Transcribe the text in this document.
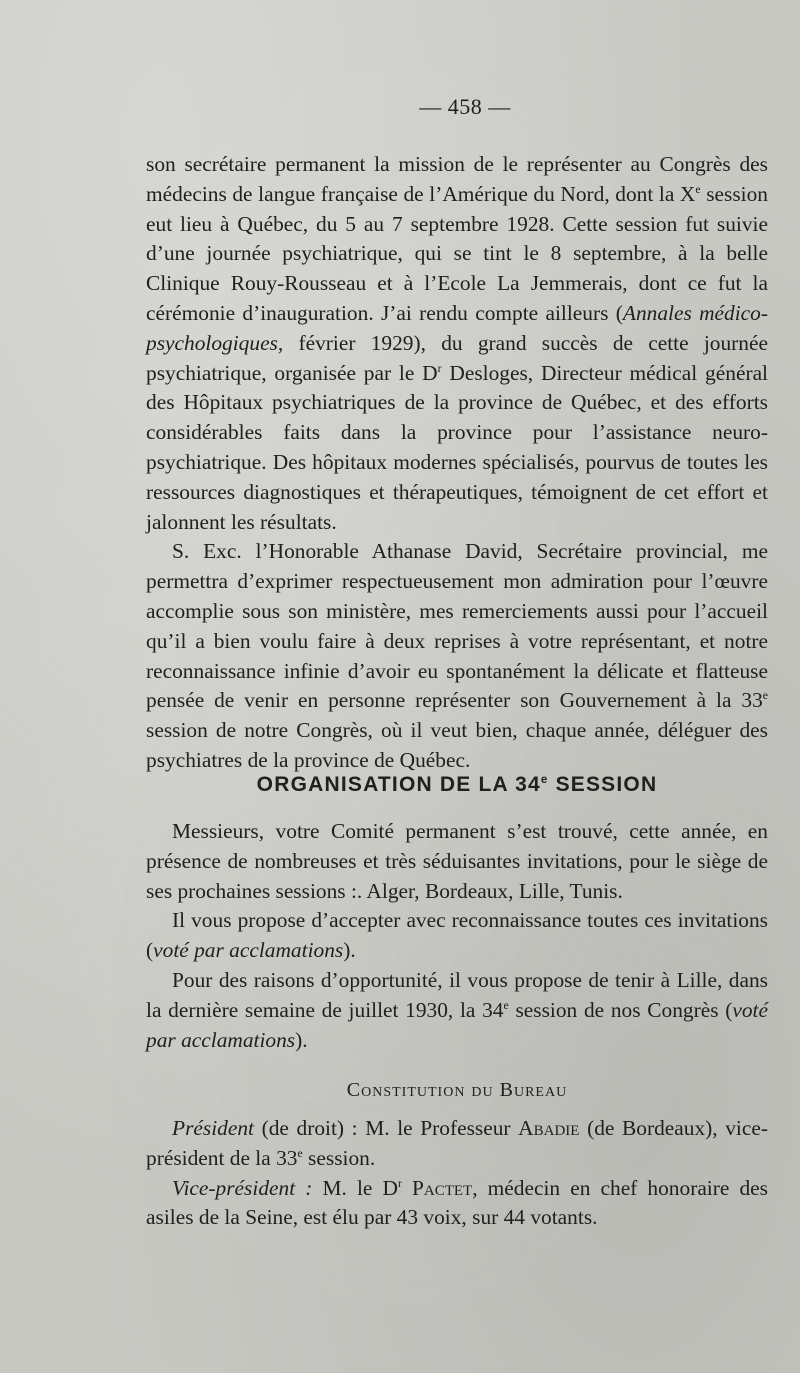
— 458 —

son secrétaire permanent la mission de le représenter au Congrès des médecins de langue française de l’Amérique du Nord, dont la Xe session eut lieu à Québec, du 5 au 7 septembre 1928. Cette session fut suivie d’une journée psychiatrique, qui se tint le 8 septembre, à la belle Clinique Rouy-Rousseau et à l’Ecole La Jemmerais, dont ce fut la cérémonie d’inauguration. J’ai rendu compte ailleurs (Annales médico-psychologiques, février 1929), du grand succès de cette journée psychiatrique, organisée par le $D^r$ Desloges, Directeur médical général des Hôpitaux psychiatriques de la province de Québec, et des efforts considérables faits dans la province pour l’assistance neuro-psychiatrique. Des hôpitaux modernes spécialisés, pourvus de toutes les ressources diagnostiques et thérapeutiques, témoignent de cet effort et jalonnent les résultats.

S. Exc. l’Honorable Athanase David, Secrétaire provincial, me permettra d’exprimer respectueusement mon admiration pour l’œuvre accomplie sous son ministère, mes remerciements aussi pour l’accueil qu’il a bien voulu faire à deux reprises à votre représentant, et notre reconnaissance infinie d’avoir eu spontanément la délicate et flatteuse pensée de venir en personne représenter son Gouvernement à la 33e session de notre Congrès, où il veut bien, chaque année, déléguer des psychiatres de la province de Québec.

ORGANISATION DE LA 34e SESSION

Messieurs, votre Comité permanent s’est trouvé, cette année, en présence de nombreuses et très séduisantes invitations, pour le siège de ses prochaines sessions :. Alger, Bordeaux, Lille, Tunis.

Il vous propose d’accepter avec reconnaissance toutes ces invitations (voté par acclamations).

Pour des raisons d’opportunité, il vous propose de tenir à Lille, dans la dernière semaine de juillet 1930, la 34e session de nos Congrès (voté par acclamations).

Constitution du Bureau

Président (de droit) : M. le Professeur Abadie (de Bordeaux), vice-président de la 33e session.

Vice-président : M. le $D^r$ Pactet, médecin en chef honoraire des asiles de la Seine, est élu par 43 voix, sur 44 votants.
